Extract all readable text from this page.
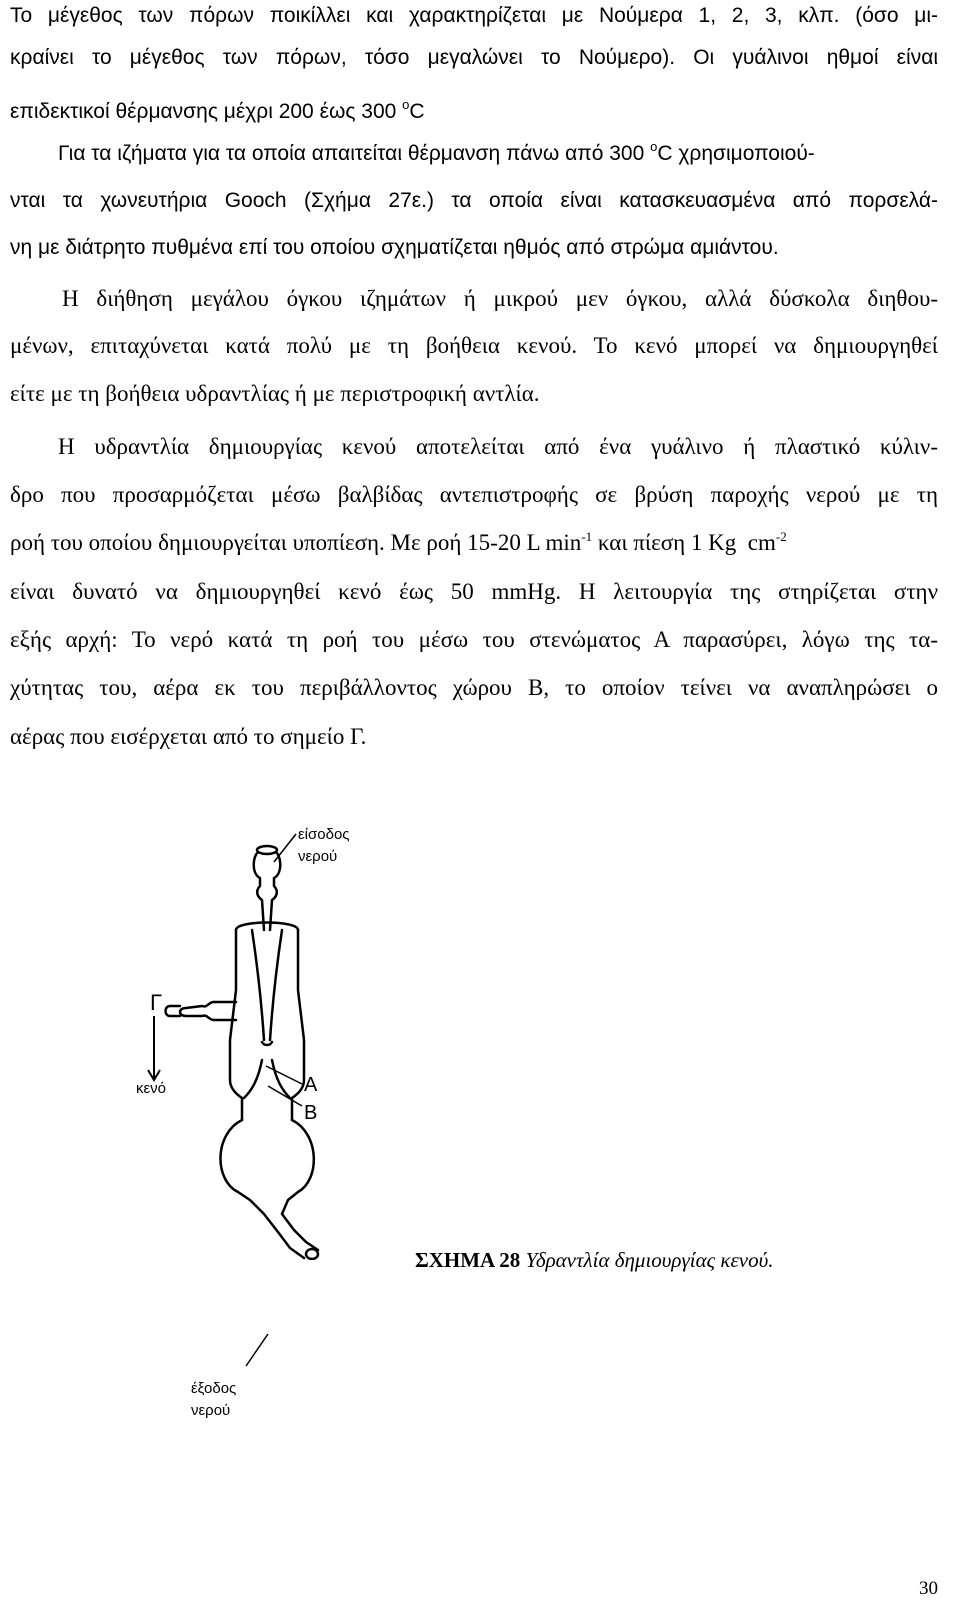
Το μέγεθος των πόρων ποικίλλει και χαρακτηρίζεται με Νούμερα 1, 2, 3, κλπ. (όσο μι-
κραίνει το μέγεθος των πόρων, τόσο μεγαλώνει το Νούμερο). Οι γυάλινοι ηθμοί είναι
επιδεκτικοί θέρμανσης μέχρι 200 έως 300 $^o$C
Για τα ιζήματα για τα οποία απαιτείται θέρμανση πάνω από 300 $^o$C χρησιμοποιού-
νται τα χωνευτήρια Gooch (Σχήμα 27ε.) τα οποία είναι κατασκευασμένα από πορσελά-
νη με διάτρητο πυθμένα επί του οποίου σχηματίζεται ηθμός από στρώμα αμιάντου.
Η διήθηση μεγάλου όγκου ιζημάτων ή μικρού μεν όγκου, αλλά δύσκολα διηθου-
μένων, επιταχύνεται κατά πολύ με τη βοήθεια κενού. Το κενό μπορεί να δημιουργηθεί
είτε με τη βοήθεια υδραντλίας ή με περιστροφική αντλία.
Η υδραντλία δημιουργίας κενού αποτελείται από ένα γυάλινο ή πλαστικό κύλιν-
δρο που προσαρμόζεται μέσω βαλβίδας αντεπιστροφής σε βρύση παροχής νερού με τη
ροή του οποίου δημιουργείται υποπίεση. Με ροή 15-20 L $\min^{-1} \kappa\alpha\iota$ πίεση 1 Kg  $cm^{-2}$
είναι δυνατό να δημιουργηθεί κενό έως 50 mmHg. Η λειτουργία της στηρίζεται στην
εξής αρχή: Το νερό κατά τη ροή του μέσω του στενώματος Α παρασύρει, λόγω της τα-
χύτητας του, αέρα εκ του περιβάλλοντος χώρου Β, το οποίον τείνει να αναπληρώσει ο
αέρας που εισέρχεται από το σημείο Γ.
είσοδος
νερού
Γ
κενό	Α
Β
έξοδος
νερού
ΣΧΗΜΑ 28 Υδραντλία δημιουργίας κενού.
30
